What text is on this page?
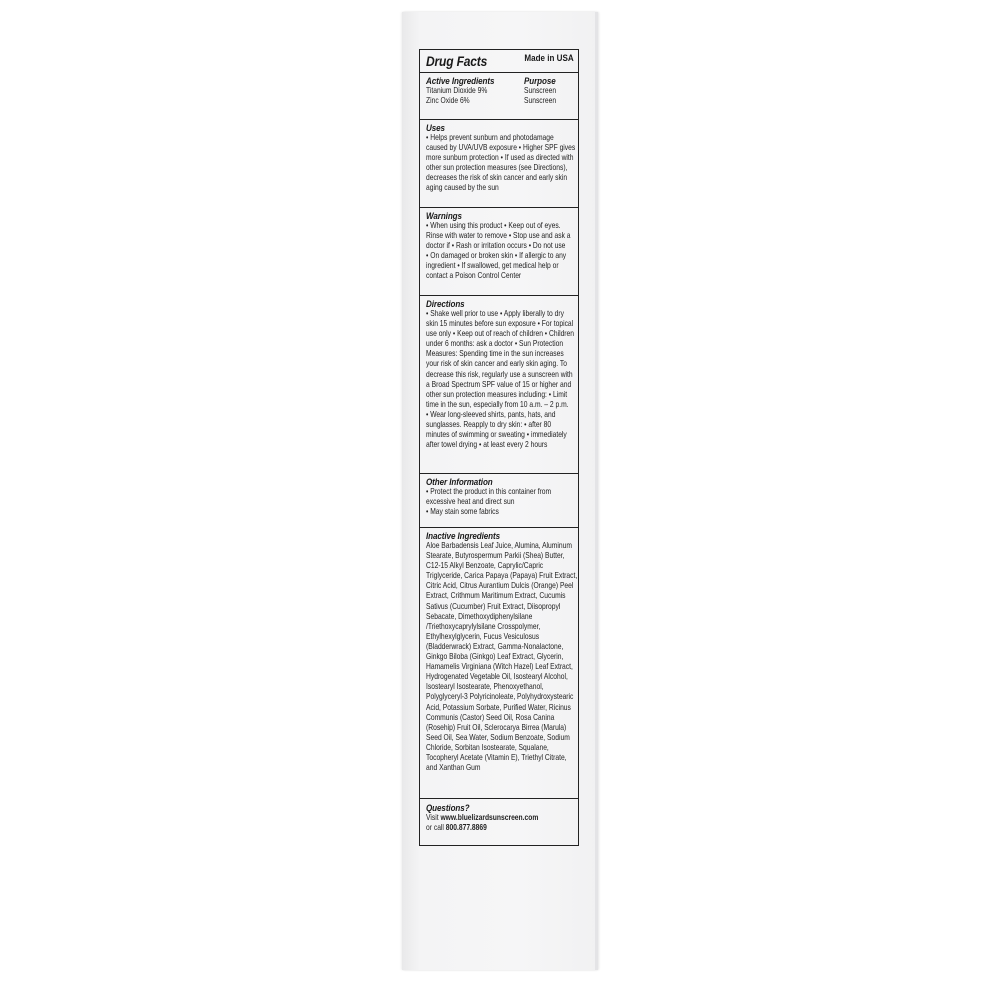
Drug Facts	Made in USA
Active Ingredients	Purpose
Titanium Dioxide 9%	Sunscreen
Zinc Oxide 6%	Sunscreen
Uses
• Helps prevent sunburn and photodamage
caused by UVA/UVB exposure • Higher SPF gives
more sunburn protection • If used as directed with
other sun protection measures (see Directions),
decreases the risk of skin cancer and early skin
aging caused by the sun
Warnings
• When using this product • Keep out of eyes.
Rinse with water to remove • Stop use and ask a
doctor if • Rash or irritation occurs • Do not use
• On damaged or broken skin • If allergic to any
ingredient • If swallowed, get medical help or
contact a Poison Control Center
Directions
• Shake well prior to use • Apply liberally to dry
skin 15 minutes before sun exposure • For topical
use only • Keep out of reach of children • Children
under 6 months: ask a doctor • Sun Protection
Measures: Spending time in the sun increases
your risk of skin cancer and early skin aging. To
decrease this risk, regularly use a sunscreen with
a Broad Spectrum SPF value of 15 or higher and
other sun protection measures including: • Limit
time in the sun, especially from 10 a.m. – 2 p.m.
• Wear long-sleeved shirts, pants, hats, and
sunglasses. Reapply to dry skin: • after 80
minutes of swimming or sweating • immediately
after towel drying • at least every 2 hours
Other Information
• Protect the product in this container from
excessive heat and direct sun
• May stain some fabrics
Inactive Ingredients
Aloe Barbadensis Leaf Juice, Alumina, Aluminum
Stearate, Butyrospermum Parkii (Shea) Butter,
C12-15 Alkyl Benzoate, Caprylic/Capric
Triglyceride, Carica Papaya (Papaya) Fruit Extract,
Citric Acid, Citrus Aurantium Dulcis (Orange) Peel
Extract, Crithmum Maritimum Extract, Cucumis
Sativus (Cucumber) Fruit Extract, Diisopropyl
Sebacate, Dimethoxydiphenylsilane
/Triethoxycaprylylsilane Crosspolymer,
Ethylhexylglycerin, Fucus Vesiculosus
(Bladderwrack) Extract, Gamma-Nonalactone,
Ginkgo Biloba (Ginkgo) Leaf Extract, Glycerin,
Hamamelis Virginiana (Witch Hazel) Leaf Extract,
Hydrogenated Vegetable Oil, Isostearyl Alcohol,
Isostearyl Isostearate, Phenoxyethanol,
Polyglyceryl-3 Polyricinoleate, Polyhydroxystearic
Acid, Potassium Sorbate, Purified Water, Ricinus
Communis (Castor) Seed Oil, Rosa Canina
(Rosehip) Fruit Oil, Sclerocarya Birrea (Marula)
Seed Oil, Sea Water, Sodium Benzoate, Sodium
Chloride, Sorbitan Isostearate, Squalane,
Tocopheryl Acetate (Vitamin E), Triethyl Citrate,
and Xanthan Gum
Questions?
Visit www.bluelizardsunscreen.com
or call 800.877.8869
